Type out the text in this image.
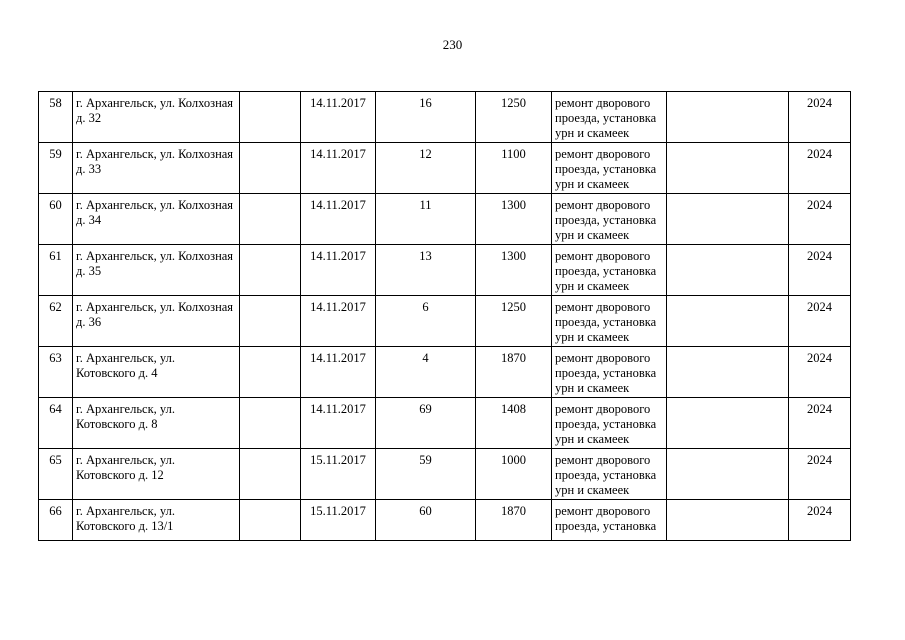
230
58	г. Архангельск, ул. Колхозная д. 32		14.11.2017	16	1250	ремонт дворового проезда, установка урн и скамеек		2024
59	г. Архангельск, ул. Колхозная д. 33		14.11.2017	12	1100	ремонт дворового проезда, установка урн и скамеек		2024
60	г. Архангельск, ул. Колхозная д. 34		14.11.2017	11	1300	ремонт дворового проезда, установка урн и скамеек		2024
61	г. Архангельск, ул. Колхозная д. 35		14.11.2017	13	1300	ремонт дворового проезда, установка урн и скамеек		2024
62	г. Архангельск, ул. Колхозная д. 36		14.11.2017	6	1250	ремонт дворового проезда, установка урн и скамеек		2024
63	г. Архангельск, ул. Котовского д. 4		14.11.2017	4	1870	ремонт дворового проезда, установка урн и скамеек		2024
64	г. Архангельск, ул. Котовского д. 8		14.11.2017	69	1408	ремонт дворового проезда, установка урн и скамеек		2024
65	г. Архангельск, ул. Котовского д. 12		15.11.2017	59	1000	ремонт дворового проезда, установка урн и скамеек		2024
66	г. Архангельск, ул. Котовского д. 13/1		15.11.2017	60	1870	ремонт дворового проезда, установка		2024
